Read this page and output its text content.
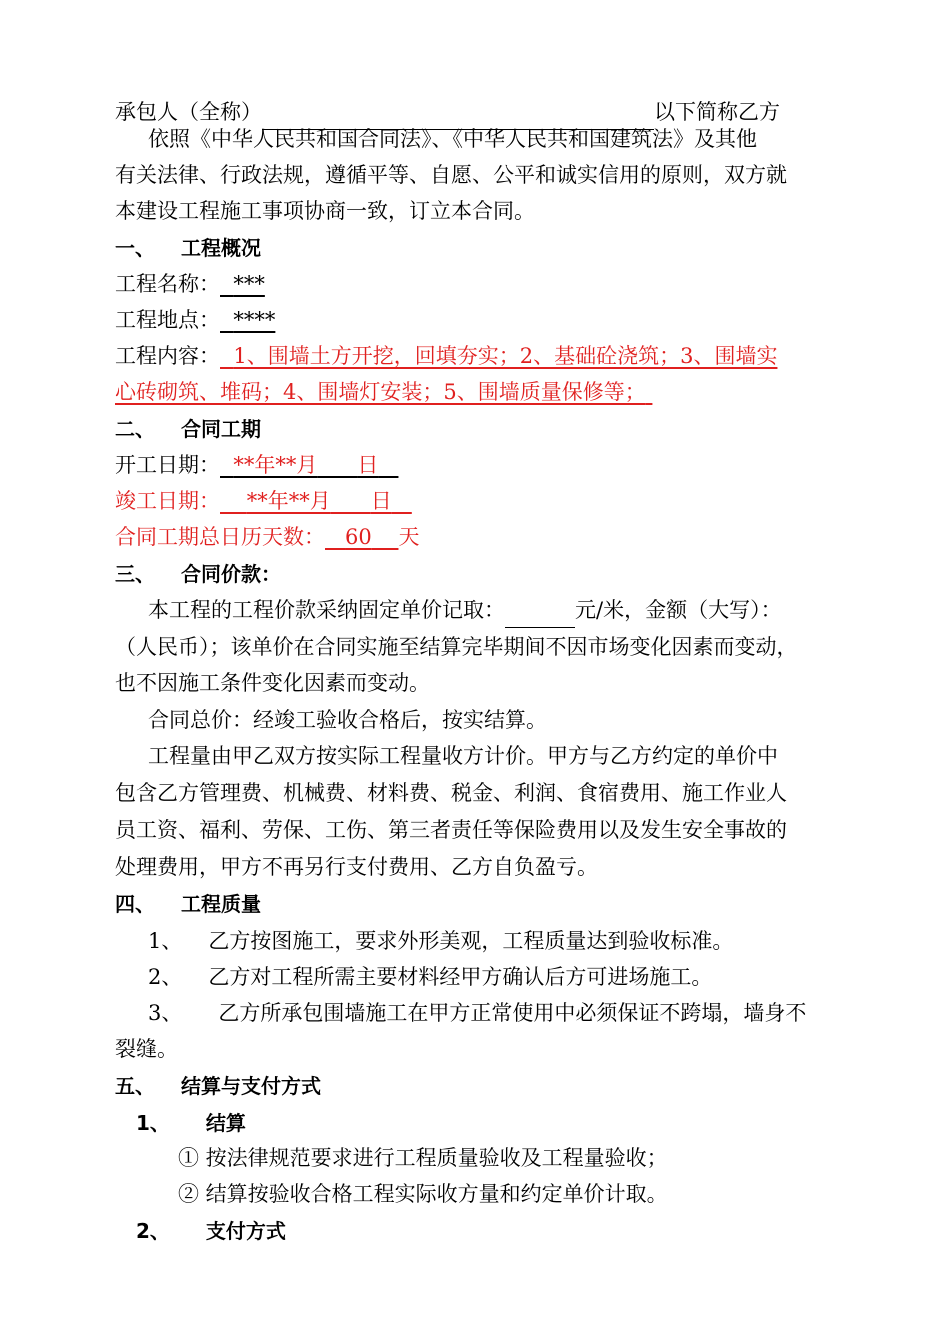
承包人（全称）	以下简称乙方
依照《中华人民共和国合同法》、《中华人民共和国建筑法》及其他
有关法律、行政法规，遵循平等、自愿、公平和诚实信用的原则，双方就
本建设工程施工事项协商一致，订立本合同。
一、 工程概况
工程名称： ***
工程地点： ****
工程内容： 1、围墙土方开挖，回填夯实；2、基础砼浇筑；3、围墙实
心砖砌筑、堆码；4、围墙灯安装；5、围墙质量保修等；
二、 合同工期
开工日期： **年**月 日
竣工日期： **年**月 日
合同工期总日历天数： 60 天
三、 合同价款：
本工程的工程价款采纳固定单价记取：	元/米，金额（大写）：
（人民币）；该单价在合同实施至结算完毕期间不因市场变化因素而变动，
也不因施工条件变化因素而变动。
合同总价：经竣工验收合格后，按实结算。
工程量由甲乙双方按实际工程量收方计价。甲方与乙方约定的单价中
包含乙方管理费、机械费、材料费、税金、利润、食宿费用、施工作业人
员工资、福利、劳保、工伤、第三者责任等保险费用以及发生安全事故的
处理费用，甲方不再另行支付费用、乙方自负盈亏。
四、 工程质量
1、 乙方按图施工，要求外形美观，工程质量达到验收标准。
2、 乙方对工程所需主要材料经甲方确认后方可进场施工。
3、 乙方所承包围墙施工在甲方正常使用中必须保证不跨塌，墙身不
裂缝。
五、 结算与支付方式
1、 结算
① 按法律规范要求进行工程质量验收及工程量验收；
② 结算按验收合格工程实际收方量和约定单价计取。
2、 支付方式
